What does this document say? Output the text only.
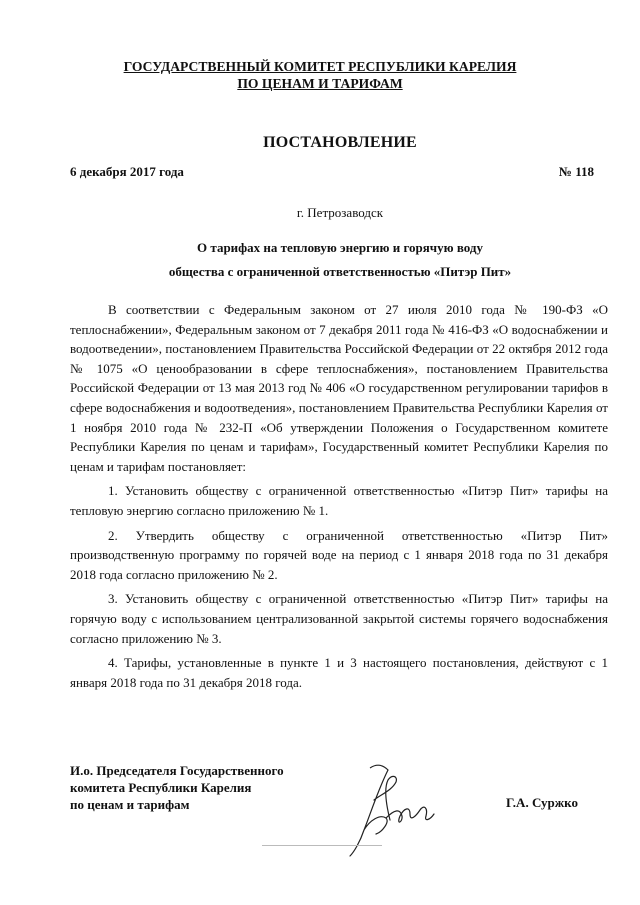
ГОСУДАРСТВЕННЫЙ КОМИТЕТ РЕСПУБЛИКИ КАРЕЛИЯ
ПО ЦЕНАМ И ТАРИФАМ
ПОСТАНОВЛЕНИЕ
6 декабря 2017 года	№ 118
г. Петрозаводск
О тарифах на тепловую энергию и горячую воду
общества с ограниченной ответственностью «Питэр Пит»

В соответствии с Федеральным законом от 27 июля 2010 года № 190-ФЗ «О теплоснабжении», Федеральным законом от 7 декабря 2011 года № 416-ФЗ «О водоснабжении и водоотведении», постановлением Правительства Российской Федерации от 22 октября 2012 года № 1075 «О ценообразовании в сфере теплоснабжения», постановлением Правительства Российской Федерации от 13 мая 2013 год № 406 «О государственном регулировании тарифов в сфере водоснабжения и водоотведения», постановлением Правительства Республики Карелия от 1 ноября 2010 года № 232-П «Об утверждении Положения о Государственном комитете Республики Карелия по ценам и тарифам», Государственный комитет Республики Карелия по ценам и тарифам постановляет:

1. Установить обществу с ограниченной ответственностью «Питэр Пит» тарифы на тепловую энергию согласно приложению № 1.

2. Утвердить обществу с ограниченной ответственностью «Питэр Пит» производственную программу по горячей воде на период с 1 января 2018 года по 31 декабря 2018 года согласно приложению № 2.

3. Установить обществу с ограниченной ответственностью «Питэр Пит» тарифы на горячую воду с использованием централизованной закрытой системы горячего водоснабжения согласно приложению № 3.

4. Тарифы, установленные в пункте 1 и 3 настоящего постановления, действуют с 1 января 2018 года по 31 декабря 2018 года.

И.о. Председателя Государственного
комитета Республики Карелия
по ценам и тарифам	Г.А. Суржко
